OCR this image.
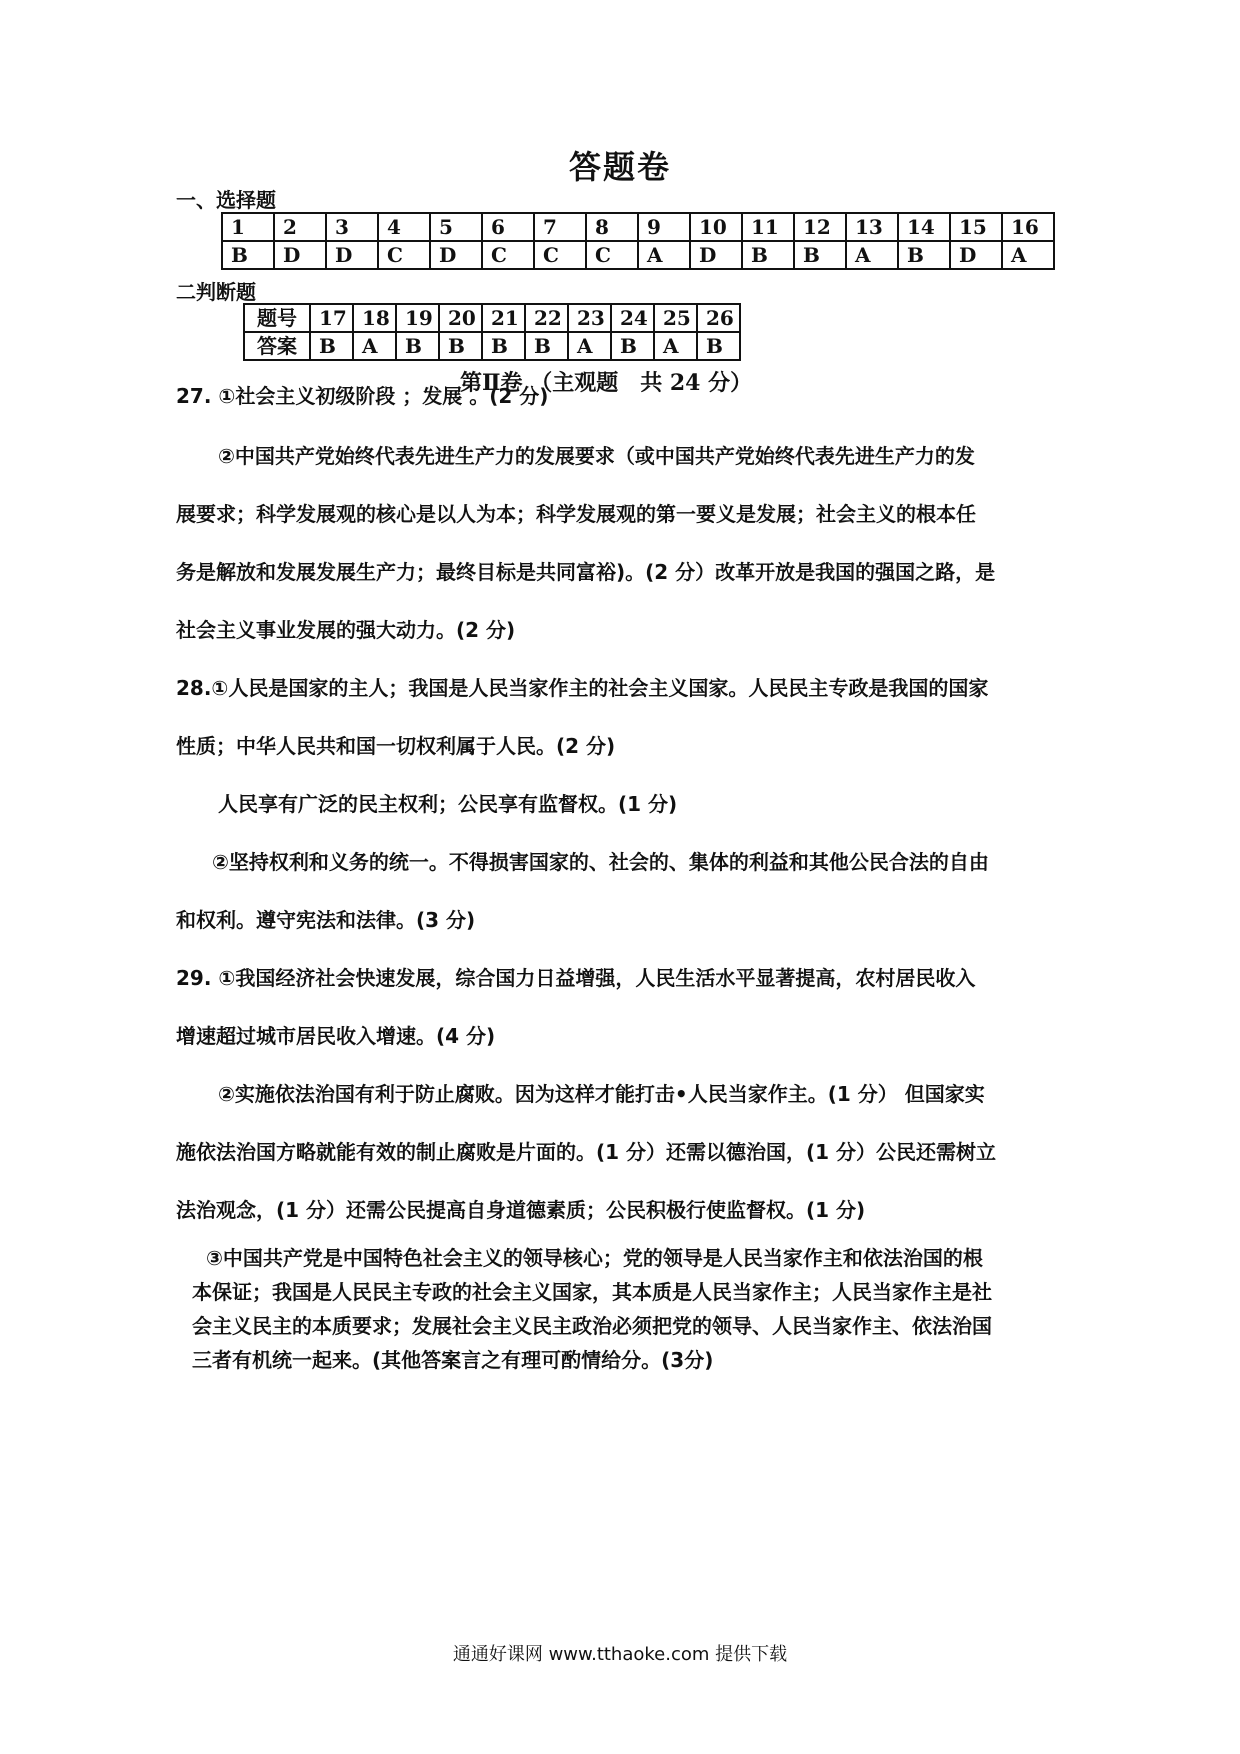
答题卷
一、选择题
1	2	3	4	5	6	7	8	9	10	11	12	13	14	15	16
B	D	D	C	D	C	C	C	A	D	B	B	A	B	D	A
二判断题
题号	17	18	19	20	21	22	23	24	25	26
答案	B	A	B	B	B	B	A	B	A	B
第Ⅱ卷 （主观题　共 24 分）
27. ①社会主义初级阶段 ；发展 。(2 分)
②中国共产党始终代表先进生产力的发展要求（或中国共产党始终代表先进生产力的发
展要求；科学发展观的核心是以人为本；科学发展观的第一要义是发展；社会主义的根本任
务是解放和发展发展生产力；最终目标是共同富裕)。(2 分）改革开放是我国的强国之路，是
社会主义事业发展的强大动力。(2 分)
28.①人民是国家的主人；我国是人民当家作主的社会主义国家。人民民主专政是我国的国家
性质；中华人民共和国一切权利属于人民。(2 分)
人民享有广泛的民主权利；公民享有监督权。(1 分)
②坚持权利和义务的统一。不得损害国家的、社会的、集体的利益和其他公民合法的自由
和权利。遵守宪法和法律。(3 分)
29. ①我国经济社会快速发展，综合国力日益增强，人民生活水平显著提高，农村居民收入
增速超过城市居民收入增速。(4 分)
②实施依法治国有利于防止腐败。因为这样才能打击•人民当家作主。(1 分） 但国家实
施依法治国方略就能有效的制止腐败是片面的。(1 分）还需以德治国，(1 分）公民还需树立
法治观念，(1 分）还需公民提高自身道德素质；公民积极行使监督权。(1 分)
③中国共产党是中国特色社会主义的领导核心；党的领导是人民当家作主和依法治国的根
本保证；我国是人民民主专政的社会主义国家，其本质是人民当家作主；人民当家作主是社
会主义民主的本质要求；发展社会主义民主政治必须把党的领导、人民当家作主、依法治国
三者有机统一起来。(其他答案言之有理可酌情给分。(3分)
通通好课网 www.tthaoke.com 提供下载
